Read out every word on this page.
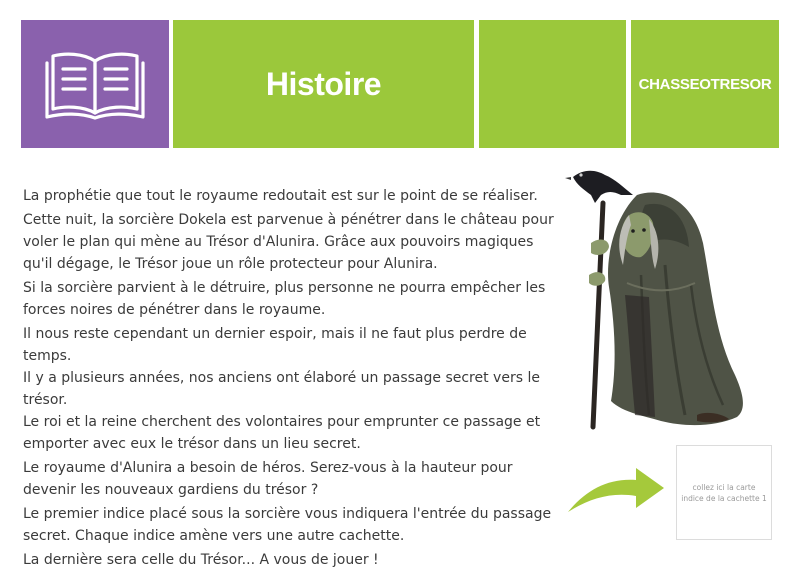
Histoire	CHASSEOTRESOR

La prophétie que tout le royaume redoutait est sur le point de se réaliser.

Cette nuit, la sorcière Dokela est parvenue à pénétrer dans le château pour voler le plan qui mène au Trésor d'Alunira. Grâce aux pouvoirs magiques qu'il dégage, le Trésor joue un rôle protecteur pour Alunira.

Si la sorcière parvient à le détruire, plus personne ne pourra empêcher les forces noires de pénétrer dans le royaume.

Il nous reste cependant un dernier espoir, mais il ne faut plus perdre de temps.

Il y a plusieurs années, nos anciens ont élaboré un passage secret vers le trésor.

Le roi et la reine cherchent des volontaires pour emprunter ce passage et emporter avec eux le trésor dans un lieu secret.

Le royaume d'Alunira a besoin de héros. Serez-vous à la hauteur pour devenir les nouveaux gardiens du trésor ?

Le premier indice placé sous la sorcière vous indiquera l'entrée du passage secret. Chaque indice amène vers une autre cachette.

La dernière sera celle du Trésor... A vous de jouer !

collez ici la carte indice de la cachette 1
